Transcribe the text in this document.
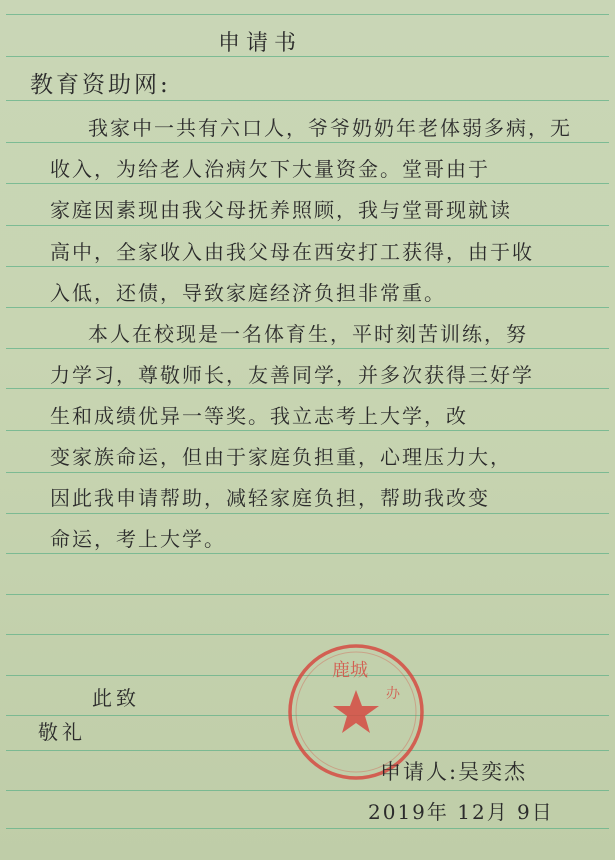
申请书
教育资助网:
我家中一共有六口人，爷爷奶奶年老体弱多病，无
收入，为给老人治病欠下大量资金。堂哥由于
家庭因素现由我父母抚养照顾，我与堂哥现就读
高中，全家收入由我父母在西安打工获得，由于收
入低，还债，导致家庭经济负担非常重。
本人在校现是一名体育生，平时刻苦训练，努
力学习，尊敬师长，友善同学，并多次获得三好学
生和成绩优异一等奖。我立志考上大学，改
变家族命运，但由于家庭负担重，心理压力大，
因此我申请帮助，减轻家庭负担，帮助我改变
命运，考上大学。
鹿城
办
此致
敬礼
申请人:吴奕杰
2019年 12月 9日
